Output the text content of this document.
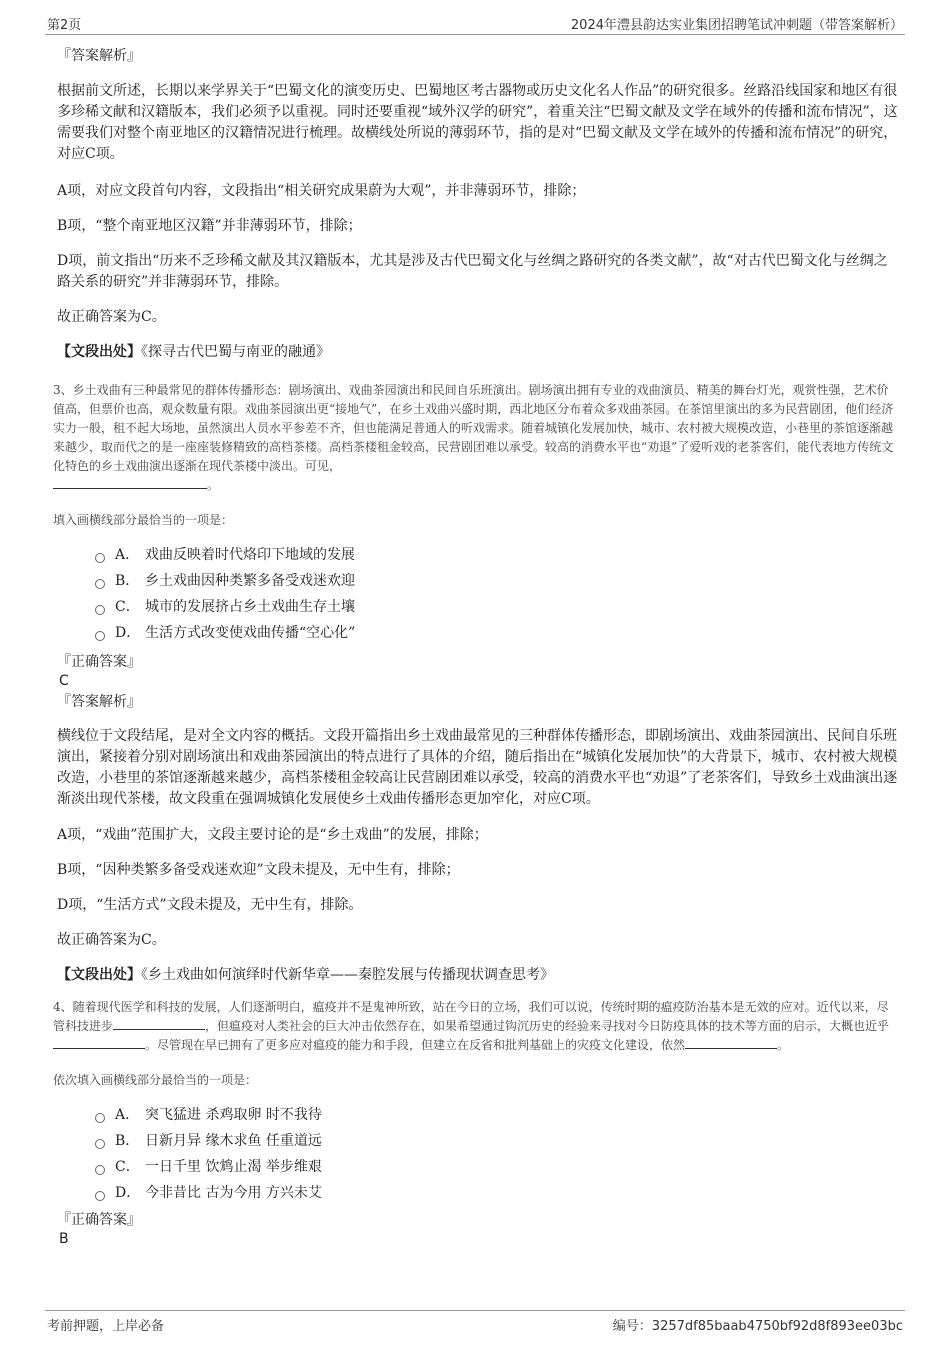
第2页	2024年澧县韵达实业集团招聘笔试冲刺题（带答案解析）

『答案解析』

根据前文所述，长期以来学界关于“巴蜀文化的演变历史、巴蜀地区考古器物或历史文化名人作品”的研究很多。丝路沿线国家和地区有很多珍稀文献和汉籍版本，我们必须予以重视。同时还要重视“域外汉学的研究”，着重关注“巴蜀文献及文学在域外的传播和流布情况”，这需要我们对整个南亚地区的汉籍情况进行梳理。故横线处所说的薄弱环节，指的是对“巴蜀文献及文学在域外的传播和流布情况”的研究，对应C项。

A项，对应文段首句内容，文段指出“相关研究成果蔚为大观”，并非薄弱环节，排除；

B项，“整个南亚地区汉籍”并非薄弱环节，排除；

D项，前文指出“历来不乏珍稀文献及其汉籍版本，尤其是涉及古代巴蜀文化与丝绸之路研究的各类文献”，故“对古代巴蜀文化与丝绸之路关系的研究”并非薄弱环节，排除。

故正确答案为C。

【文段出处】《探寻古代巴蜀与南亚的融通》

3、乡土戏曲有三种最常见的群体传播形态：剧场演出、戏曲茶园演出和民间自乐班演出。剧场演出拥有专业的戏曲演员、精美的舞台灯光，观赏性强，艺术价值高，但票价也高，观众数量有限。戏曲茶园演出更“接地气”，在乡土戏曲兴盛时期，西北地区分布着众多戏曲茶园。在茶馆里演出的多为民营剧团，他们经济实力一般，租不起大场地，虽然演出人员水平参差不齐，但也能满足普通人的听戏需求。随着城镇化发展加快，城市、农村被大规模改造，小巷里的茶馆逐渐越来越少，取而代之的是一座座装修精致的高档茶楼。高档茶楼租金较高，民营剧团难以承受。较高的消费水平也“劝退”了爱听戏的老茶客们，能代表地方传统文化特色的乡土戏曲演出逐渐在现代茶楼中淡出。可见，
。

填入画横线部分最恰当的一项是：

A． 戏曲反映着时代烙印下地域的发展
B． 乡土戏曲因种类繁多备受戏迷欢迎
C． 城市的发展挤占乡土戏曲生存土壤
D． 生活方式改变使戏曲传播“空心化”

『正确答案』

C

『答案解析』

横线位于文段结尾，是对全文内容的概括。文段开篇指出乡土戏曲最常见的三种群体传播形态，即剧场演出、戏曲茶园演出、民间自乐班演出，紧接着分别对剧场演出和戏曲茶园演出的特点进行了具体的介绍，随后指出在“城镇化发展加快”的大背景下，城市、农村被大规模改造，小巷里的茶馆逐渐越来越少，高档茶楼租金较高让民营剧团难以承受，较高的消费水平也“劝退”了老茶客们，导致乡土戏曲演出逐渐淡出现代茶楼，故文段重在强调城镇化发展使乡土戏曲传播形态更加窄化，对应C项。

A项，“戏曲”范围扩大，文段主要讨论的是“乡土戏曲”的发展，排除；

B项，“因种类繁多备受戏迷欢迎”文段未提及，无中生有，排除；

D项，“生活方式”文段未提及，无中生有，排除。

故正确答案为C。

【文段出处】《乡土戏曲如何演绎时代新华章——秦腔发展与传播现状调查思考》

4、随着现代医学和科技的发展，人们逐渐明白，瘟疫并不是鬼神所致，站在今日的立场，我们可以说，传统时期的瘟疫防治基本是无效的应对。近代以来，尽管科技进步	，但瘟疫对人类社会的巨大冲击依然存在，如果希望通过钩沉历史的经验来寻找对今日防疫具体的技术等方面的启示，大概也近乎。尽管现在早已拥有了更多应对瘟疫的能力和手段，但建立在反省和批判基础上的灾疫文化建设，依然	。

依次填入画横线部分最恰当的一项是：

A． 突飞猛进 杀鸡取卵 时不我待
B． 日新月异 缘木求鱼 任重道远
C． 一日千里 饮鸩止渴 举步维艰
D． 今非昔比 古为今用 方兴未艾

『正确答案』

B

考前押题，上岸必备	编号：3257df85baab4750bf92d8f893ee03bc
